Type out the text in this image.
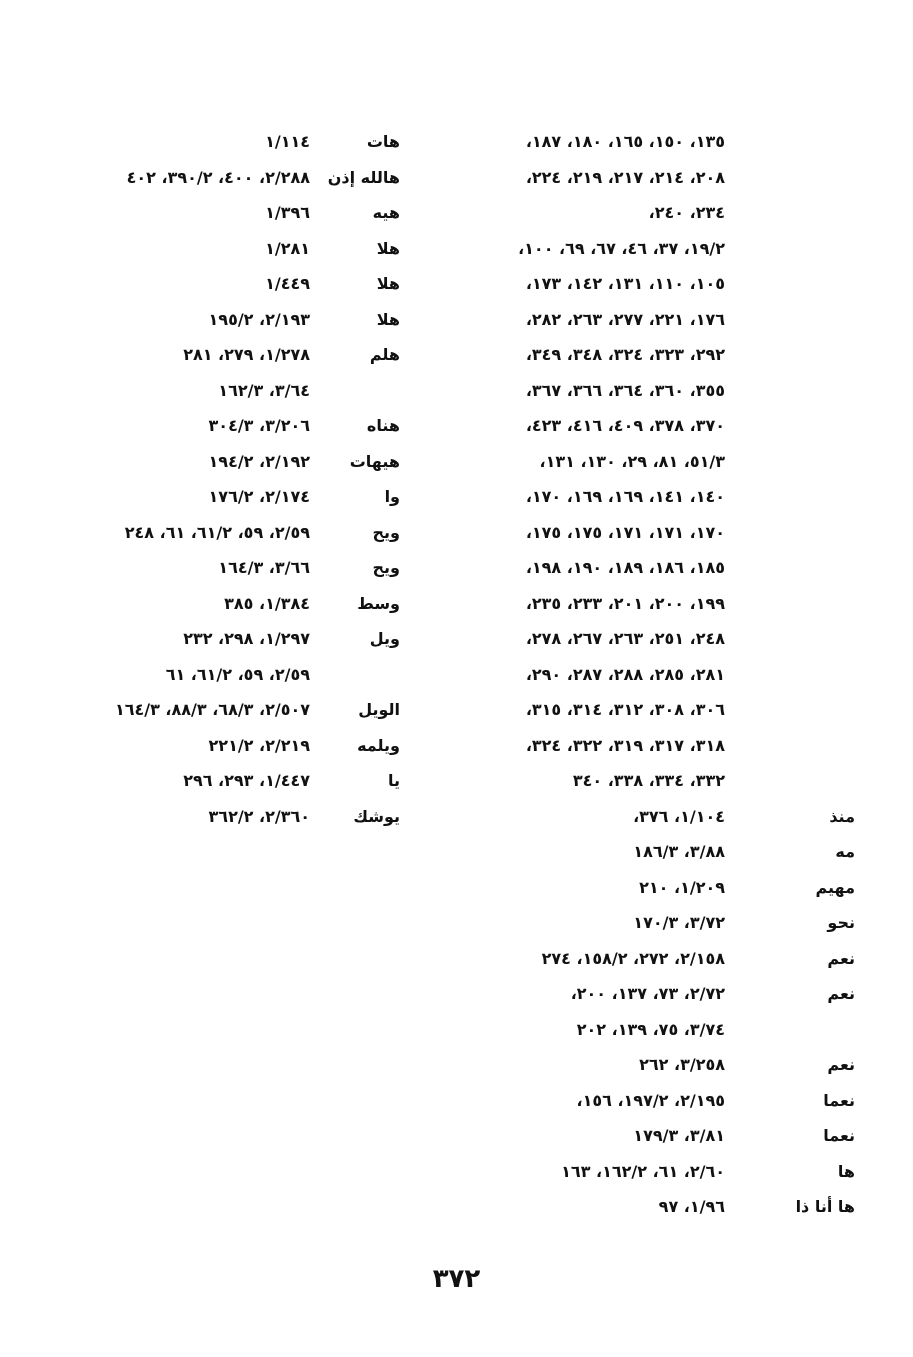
١٣٥، ١٥٠، ١٦٥، ١٨٠، ١٨٧،
٢٠٨، ٢١٤، ٢١٧، ٢١٩، ٢٢٤،
٢٣٤، ٢٤٠،
١٩/٢، ٣٧، ٤٦، ٦٧، ٦٩، ١٠٠،
١٠٥، ١١٠، ١٣١، ١٤٢، ١٧٣،
١٧٦، ٢٢١، ٢٧٧، ٢٦٣، ٢٨٢،
٢٩٢، ٣٢٣، ٣٢٤، ٣٤٨، ٣٤٩،
٣٥٥، ٣٦٠، ٣٦٤، ٣٦٦، ٣٦٧،
٣٧٠، ٣٧٨، ٤٠٩، ٤١٦، ٤٢٣،
٥١/٣، ٨١، ٢٩، ١٣٠، ١٣١،
١٤٠، ١٤١، ١٦٩، ١٦٩، ١٧٠،
١٧٠، ١٧١، ١٧١، ١٧٥، ١٧٥،
١٨٥، ١٨٦، ١٨٩، ١٩٠، ١٩٨،
١٩٩، ٢٠٠، ٢٠١، ٢٣٣، ٢٣٥،
٢٤٨، ٢٥١، ٢٦٣، ٢٦٧، ٢٧٨،
٢٨١، ٢٨٥، ٢٨٨، ٢٨٧، ٢٩٠،
٣٠٦، ٣٠٨، ٣١٢، ٣١٤، ٣١٥،
٣١٨، ٣١٧، ٣١٩، ٣٢٢، ٣٢٤،
٣٣٢، ٣٣٤، ٣٣٨، ٣٤٠
منذ
١/١٠٤، ٣٧٦،
مه
٣/٨٨، ١٨٦/٣
مهيم
١/٢٠٩، ٢١٠
نحو
٣/٧٢، ١٧٠/٣
نعم
٢/١٥٨، ٢٧٢، ١٥٨/٢، ٢٧٤
نعم
٢/٧٢، ٧٣، ١٣٧، ٢٠٠،
٣/٧٤، ٧٥، ١٣٩، ٢٠٢
نعم
٣/٢٥٨، ٢٦٢
نعما
٢/١٩٥، ١٩٧/٢، ١٥٦،
نعما
٣/٨١، ١٧٩/٣
ها
٢/٦٠، ٦١، ١٦٢/٢، ١٦٣
ها أنا ذا
١/٩٦، ٩٧
هات
١/١١٤
هالله إذن
٢/٢٨٨، ٤٠٠، ٣٩٠/٢، ٤٠٢
هيه
١/٣٩٦
هلا
١/٢٨١
هلا
١/٤٤٩
هلا
٢/١٩٣، ١٩٥/٢
هلم
١/٢٧٨، ٢٧٩، ٢٨١
٣/٦٤، ١٦٢/٣
هناه
٣/٢٠٦، ٣٠٤/٣
هيهات
٢/١٩٢، ١٩٤/٢
وا
٢/١٧٤، ١٧٦/٢
ويح
٢/٥٩، ٥٩، ٦١/٢، ٦١، ٢٤٨
ويح
٣/٦٦، ١٦٤/٣
وسط
١/٣٨٤، ٣٨٥
ويل
١/٢٩٧، ٢٩٨، ٢٣٢
٢/٥٩، ٥٩، ٦١/٢، ٦١
الويل
٢/٥٠٧، ٦٨/٣، ٨٨/٣، ١٦٤/٣
ويلمه
٢/٢١٩، ٢٢١/٢
يا
١/٤٤٧، ٢٩٣، ٢٩٦
يوشك
٢/٣٦٠، ٣٦٢/٢
٣٧٢
